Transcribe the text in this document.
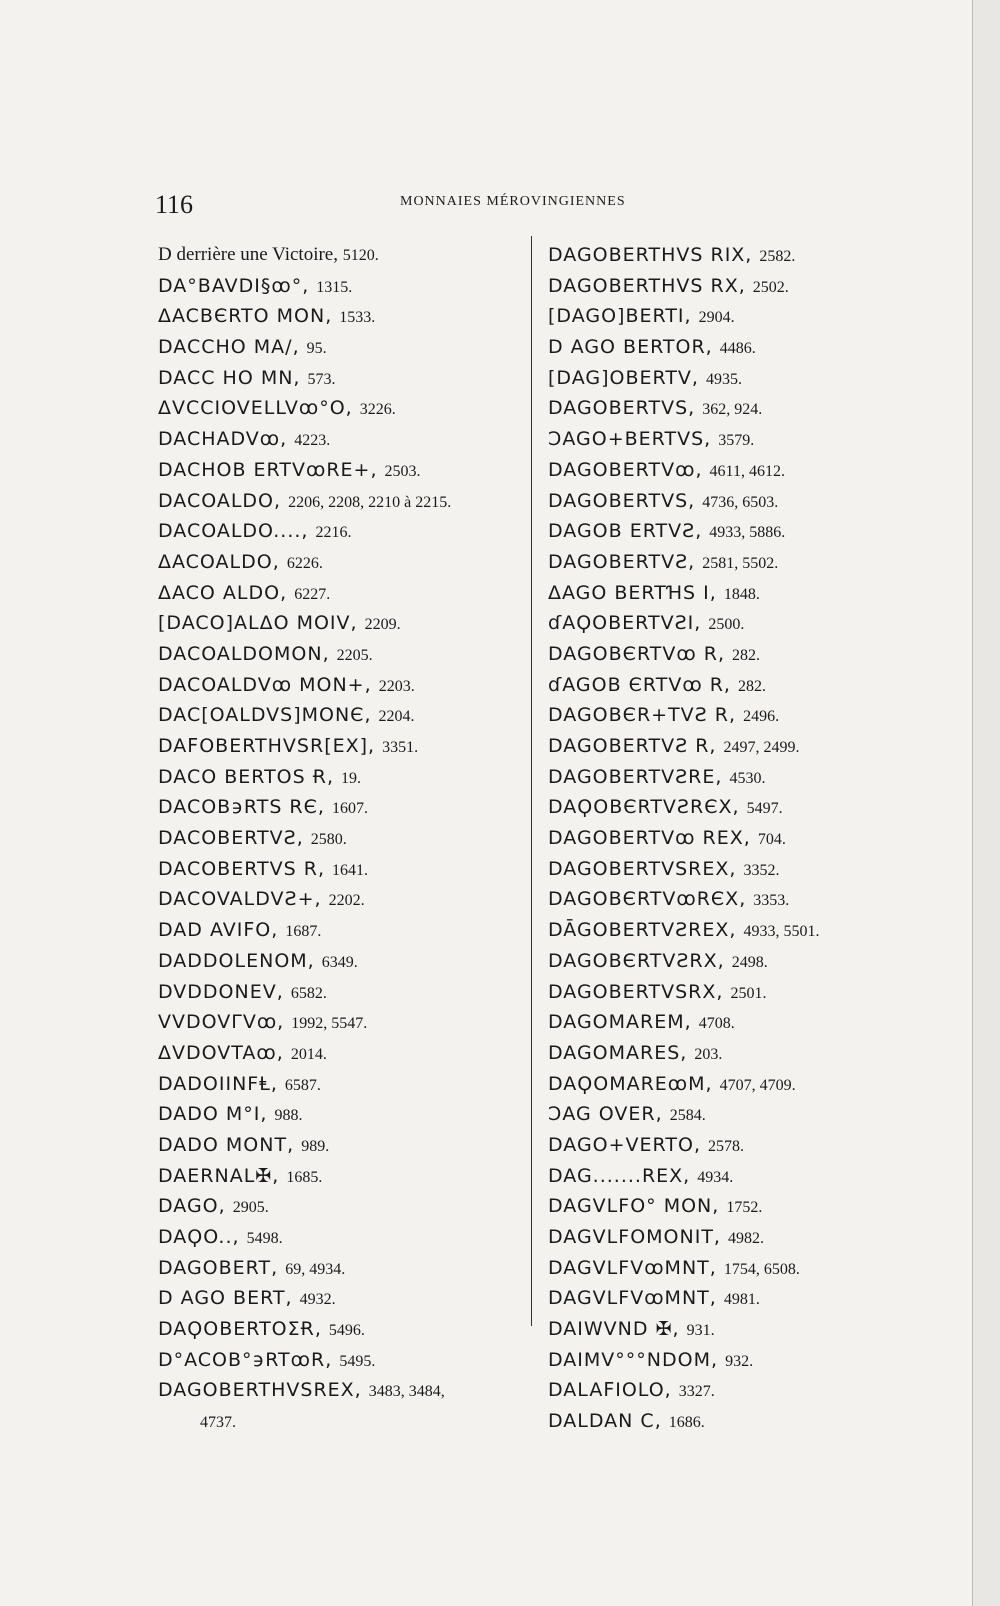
116	MONNAIES MÉROVINGIENNES
D derrière une Victoire, 5120.
DA°BAVDI§ꝏ°, 1315.
ΔACBЄRTO MON, 1533.
DACCHO MA/, 95.
DACC HO MN, 573.
ΔVCCIOVELLVꝏ°O, 3226.
DACHADVꝏ, 4223.
DACHOB ERTVꝏRE+, 2503.
DACOALDO, 2206, 2208, 2210 à 2215.
DACOALDO...., 2216.
ΔACOALDO, 6226.
ΔACO ALDO, 6227.
[DACO]ALΔO MOIV, 2209.
DACOALDOMON, 2205.
DACOALDVꝏ MON+, 2203.
DAC[OALDVS]MONЄ, 2204.
DAꓝOBERTHVSR[EX], 3351.
DACO BERTOS Ɍ, 19.
DACOB϶RTS RЄ, 1607.
DACOBERTVƧ, 2580.
DACOBERTVS R, 1641.
DACOVALDVƧ+, 2202.
DAD AVIꓝO, 1687.
DADDOLENOM, 6349.
DVDDONEV, 6582.
VVDOVΓVꝏ, 1992, 5547.
ΔVDOVTAꝏ, 2014.
DADOIINFⱠ, 6587.
DADO M°I, 988.
DADO MONT, 989.
DAERNAL✠, 1685.
DAGO, 2905.
DAϘO.., 5498.
DAGOBERT, 69, 4934.
D AGO BERT, 4932.
DAϘOBERTOΣɌ, 5496.
D°ACOB°϶RTꝏR, 5495.
DAGOBERTHVSREX, 3483, 3484,
4737.
DAGOBERTHVS RIX, 2582.
DAGOBERTHVS RX, 2502.
[DAGO]BERTI, 2904.
D AGO BERTOR, 4486.
[DAG]OBERTV, 4935.
DAGOBERTVS, 362, 924.
ƆAGO+BERTVS, 3579.
DAGOBERTVꝏ, 4611, 4612.
DAGOBERTVS, 4736, 6503.
DAGOB ERTVƧ, 4933, 5886.
DAGOBERTVƧ, 2581, 5502.
ΔAGO BERTꞪS I, 1848.
ɗAϘOBERTVƧI, 2500.
DAGOBЄRTVꝏ R, 282.
ɗAGOB ЄRTVꝏ R, 282.
DAGOBЄR+TVƧ R, 2496.
DAGOBERTVƧ R, 2497, 2499.
DAGOBERTVƧRE, 4530.
DAϘOBЄRTVƧRЄX, 5497.
DAGOBERTVꝏ REX, 704.
DAGOBERTVSREX, 3352.
DAGOBЄRTVꝏRЄX, 3353.
DĀGOBERTVƧREX, 4933, 5501.
DAGOBЄRTVƧRX, 2498.
DAGOBERTVSRX, 2501.
DAGOMAREM, 4708.
DAGOMARES, 203.
DAϘOMAREꝏM, 4707, 4709.
ƆAG OVER, 2584.
DAGO+VERTO, 2578.
DAG.......REX, 4934.
DAGVLFO° MON, 1752.
DAGVLFOMONIT, 4982.
DAGVLFVꝏMNT, 1754, 6508.
DAGVLFVꝏMNT, 4981.
DAIWVND ✠, 931.
DAIMV°°°NDOM, 932.
DALAꓝIOLO, 3327.
DALDAN C, 1686.
